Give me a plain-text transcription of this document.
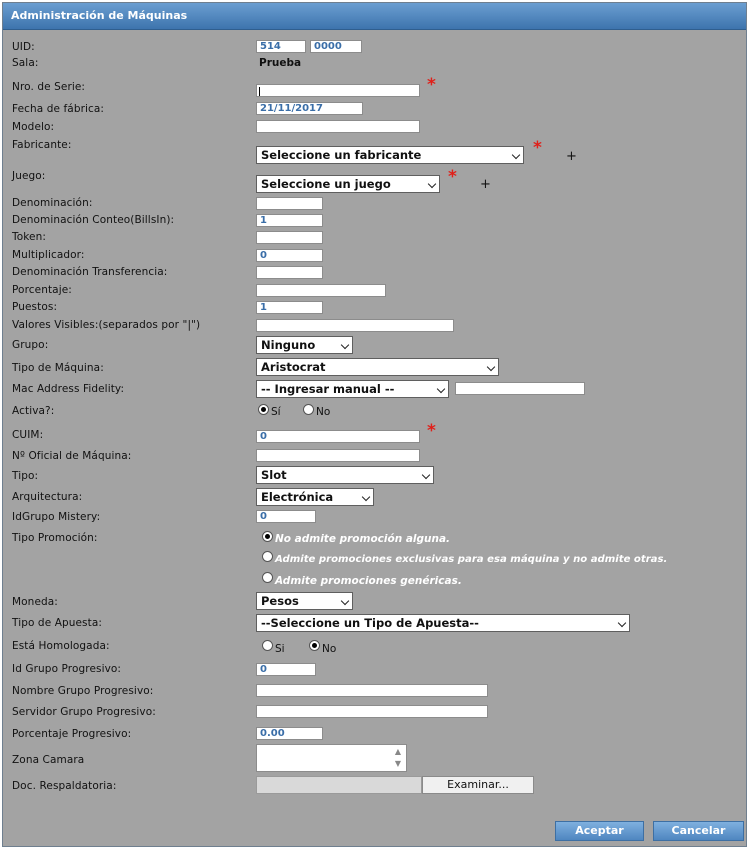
Administración de Máquinas
UID:	514	0000
Sala:	Prueba
Nro. de Serie:	*
Fecha de fábrica:	21/11/2017
Modelo:
Fabricante:
Seleccione un fabricante	* +
Juego:
Seleccione un juego	* +
Denominación:
Denominación Conteo(BillsIn):	1
Token:
Multiplicador:	0
Denominación Transferencia:
Porcentaje:
Puestos:	1
Valores Visibles:(separados por "|")
Grupo:	Ninguno
Tipo de Máquina:	Aristocrat
Mac Address Fidelity:	-- Ingresar manual --
Activa?:	Sí	No
CUIM:	0	*
Nº Oficial de Máquina:
Tipo:	Slot
Arquitectura:	Electrónica
IdGrupo Mistery:	0
Tipo Promoción:	No admite promoción alguna.
Admite promociones exclusivas para esa máquina y no admite otras.
Admite promociones genéricas.
Moneda:	Pesos
Tipo de Apuesta:	--Seleccione un Tipo de Apuesta--
Está Homologada:	Si	No
Id Grupo Progresivo:	0
Nombre Grupo Progresivo:
Servidor Grupo Progresivo:
Porcentaje Progresivo:	0.00
Zona Camara
▲
▼
Doc. Respaldatoria:	Examinar...
Aceptar	Cancelar
